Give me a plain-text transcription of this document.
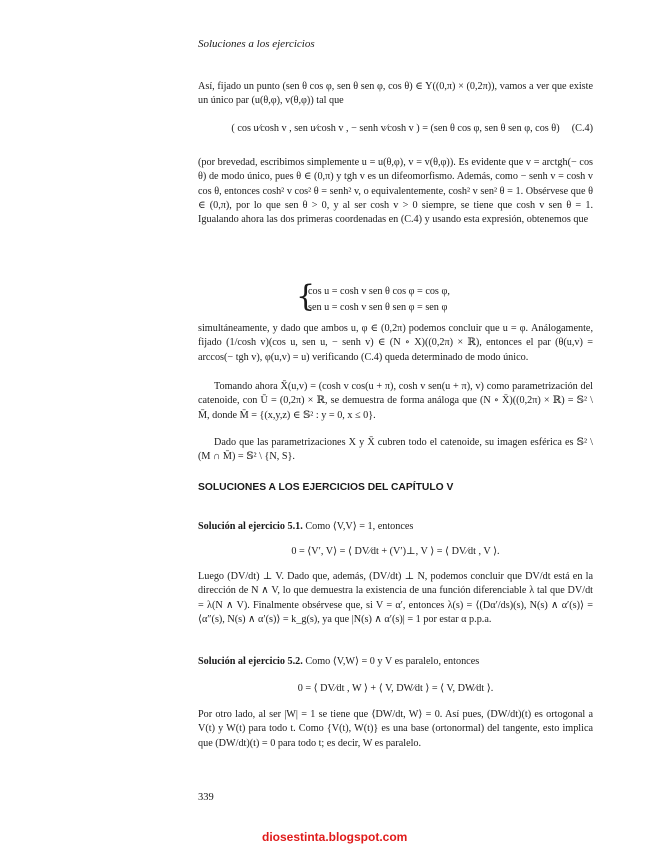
Soluciones a los ejercicios

Así, fijado un punto (sen θ cos φ, sen θ sen φ, cos θ) ∈ Y((0,π) × (0,2π)), vamos a ver que existe un único par (u(θ,φ), v(θ,φ)) tal que

( cos u⁄cosh v , sen u⁄cosh v , − senh v⁄cosh v ) = (sen θ cos φ, sen θ sen φ, cos θ) (C.4)

(por brevedad, escribimos simplemente u = u(θ,φ), v = v(θ,φ)). Es evidente que v = arctgh(− cos θ) de modo único, pues θ ∈ (0,π) y tgh v es un difeomorfismo. Además, como − senh v = cosh v cos θ, entonces cosh² v cos² θ = senh² v, o equivalentemente, cosh² v sen² θ = 1. Obsérvese que θ ∈ (0,π), por lo que sen θ > 0, y al ser cosh v > 0 siempre, se tiene que cosh v sen θ = 1. Igualando ahora las dos primeras coordenadas en (C.4) y usando esta expresión, obtenemos que

{
cos u = cosh v sen θ cos φ = cos φ,
sen u = cosh v sen θ sen φ = sen φ

simultáneamente, y dado que ambos u, φ ∈ (0,2π) podemos concluir que u = φ. Análogamente, fijado (1/cosh v)(cos u, sen u, − senh v) ∈ (N ∘ X)((0,2π) × ℝ), entonces el par (θ(u,v) = arccos(− tgh v), φ(u,v) = u) verificando (C.4) queda determinado de modo único.

Tomando ahora X̄(u,v) = (cosh v cos(u + π), cosh v sen(u + π), v) como parametrización del catenoide, con Ū = (0,2π) × ℝ, se demuestra de forma análoga que (N ∘ X̄)((0,2π) × ℝ) = 𝕊² \ M̄, donde M̄ = {(x,y,z) ∈ 𝕊² : y = 0, x ≤ 0}.

Dado que las parametrizaciones X y X̄ cubren todo el catenoide, su imagen esférica es 𝕊² \ (M ∩ M̄) = 𝕊² \ {N, S}.

SOLUCIONES A LOS EJERCICIOS DEL CAPÍTULO V

Solución al ejercicio 5.1. Como ⟨V,V⟩ = 1, entonces

0 = ⟨V′, V⟩ = ⟨ DV⁄dt + (V′)⊥, V ⟩ = ⟨ DV⁄dt , V ⟩.

Luego (DV/dt) ⊥ V. Dado que, además, (DV/dt) ⊥ N, podemos concluir que DV/dt está en la dirección de N ∧ V, lo que demuestra la existencia de una función diferenciable λ tal que DV/dt = λ(N ∧ V). Finalmente obsérvese que, si V = α′, entonces λ(s) = ⟨(Dα′/ds)(s), N(s) ∧ α′(s)⟩ = ⟨α″(s), N(s) ∧ α′(s)⟩ = k_g(s), ya que |N(s) ∧ α′(s)| = 1 por estar α p.p.a.

Solución al ejercicio 5.2. Como ⟨V,W⟩ = 0 y V es paralelo, entonces

0 = ⟨ DV⁄dt , W ⟩ + ⟨ V, DW⁄dt ⟩ = ⟨ V, DW⁄dt ⟩.

Por otro lado, al ser |W| = 1 se tiene que ⟨DW/dt, W⟩ = 0. Así pues, (DW/dt)(t) es ortogonal a V(t) y W(t) para todo t. Como {V(t), W(t)} es una base (ortonormal) del tangente, esto implica que (DW/dt)(t) = 0 para todo t; es decir, W es paralelo.

339
diosestinta.blogspot.com
